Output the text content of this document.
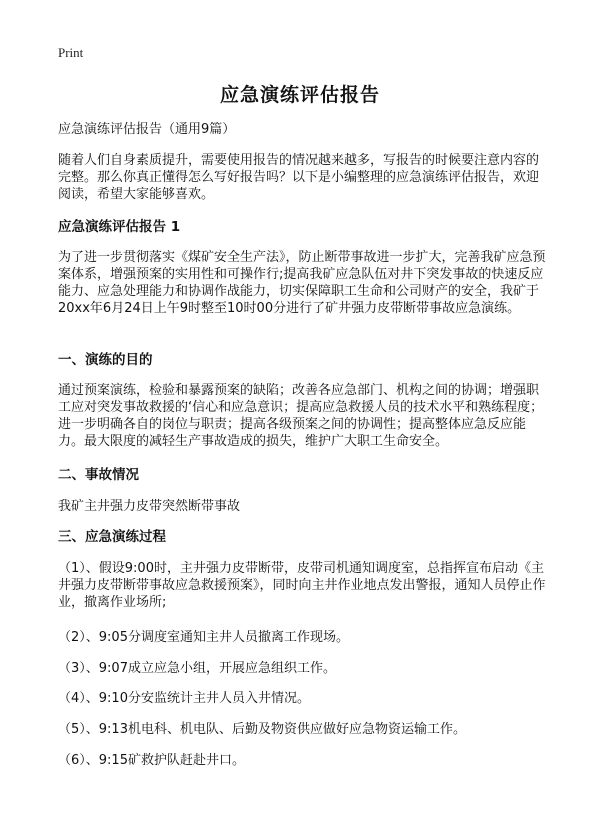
Print
应急演练评估报告
应急演练评估报告（通用9篇）
随着人们自身素质提升，需要使用报告的情况越来越多，写报告的时候要注意内容的完整。那么你真正懂得怎么写好报告吗？以下是小编整理的应急演练评估报告，欢迎阅读，希望大家能够喜欢。
应急演练评估报告 1
为了进一步贯彻落实《煤矿安全生产法》，防止断带事故进一步扩大，完善我矿应急预案体系，增强预案的实用性和可操作行;提高我矿应急队伍对井下突发事故的快速反应能力、应急处理能力和协调作战能力，切实保障职工生命和公司财产的安全，我矿于20xx年6月24日上午9时整至10时00分进行了矿井强力皮带断带事故应急演练。
一、演练的目的
通过预案演练，检验和暴露预案的缺陷；改善各应急部门、机构之间的协调；增强职工应对突发事故救援的‘信心和应急意识；提高应急救援人员的技术水平和熟练程度；进一步明确各自的岗位与职责；提高各级预案之间的协调性；提高整体应急反应能力。最大限度的减轻生产事故造成的损失，维护广大职工生命安全。
二、事故情况
我矿主井强力皮带突然断带事故
三、应急演练过程
（1）、假设9:00时，主井强力皮带断带，皮带司机通知调度室，总指挥宣布启动《主井强力皮带断带事故应急救援预案》，同时向主井作业地点发出警报，通知人员停止作业，撤离作业场所;
（2）、9:05分调度室通知主井人员撤离工作现场。
（3）、9:07成立应急小组，开展应急组织工作。
（4）、9:10分安监统计主井人员入井情况。
（5）、9:13机电科、机电队、后勤及物资供应做好应急物资运输工作。
（6）、9:15矿救护队赶赴井口。
